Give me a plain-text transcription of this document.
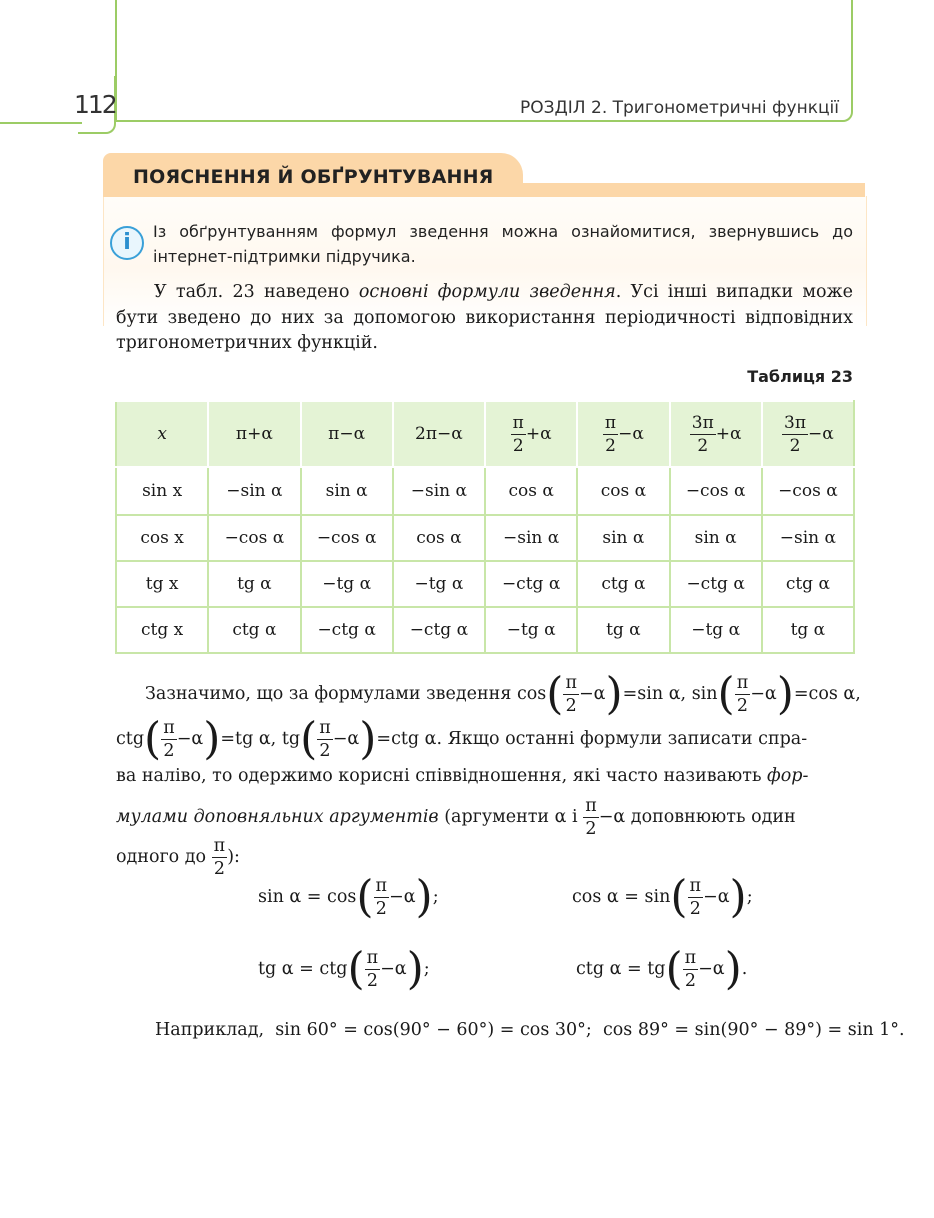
112	РОЗДІЛ 2. Тригонометричні функції
ПОЯСНЕННЯ Й ОБҐРУНТУВАННЯ
i	Із обґрунтуванням формул зведення можна ознайомитися, звернувшись до інтернет-підтримки підручика.
У табл. 23 наведено основні формули зведення. Усі інші випадки може бути зведено до них за допомогою використання періодичності відповідних тригонометричних функцій.
Таблиця 23
x	π+α	π−α	2π−α	$\frac{\pi}{2} +\alpha$	$\frac{\pi}{2} -\alpha$	$\frac{3\pi}{2} +\alpha$	$\frac{3\pi}{2} -\alpha$
sin x	−sin α	sin α	−sin α	cos α	cos α	−cos α	−cos α
cos x	−cos α	−cos α	cos α	−sin α	sin α	sin α	−sin α
tg x	tg α	−tg α	−tg α	−ctg α	ctg α	−ctg α	ctg α
ctg x	ctg α	−ctg α	−ctg α	−tg α	tg α	−tg α	tg α
Зазначимо, що за формулами зведення $\cos( \frac{\pi}{2} -\alpha)=\sin$ α, $\sin( \frac{\pi}{2} -\alpha)=\cos$ α,
$ctg( \frac{\pi}{2} -\alpha)=tg$ α, $tg( \frac{\pi}{2} -\alpha)=ctg$ α. Якщо останні формули записати спра-
ва наліво, то одержимо корисні співвідношення, які часто називають фор-
мулами доповняльних аргументів (аргументи α і $\frac{\pi}{2} -\alpha$ доповнюють один
одного до $\frac{\pi}{2}$ ):
$\sin \alpha = \cos( \frac{\pi}{2} -\alpha)$;	$\cos \alpha = \sin( \frac{\pi}{2} -\alpha)$;
tg $\alpha = ctg( \frac{\pi}{2} -\alpha)$;	ctg $\alpha = tg( \frac{\pi}{2} -\alpha)$.
Наприклад, sin 60° = cos(90° − 60°) = cos 30°; cos 89° = sin(90° − 89°) = sin 1°.
